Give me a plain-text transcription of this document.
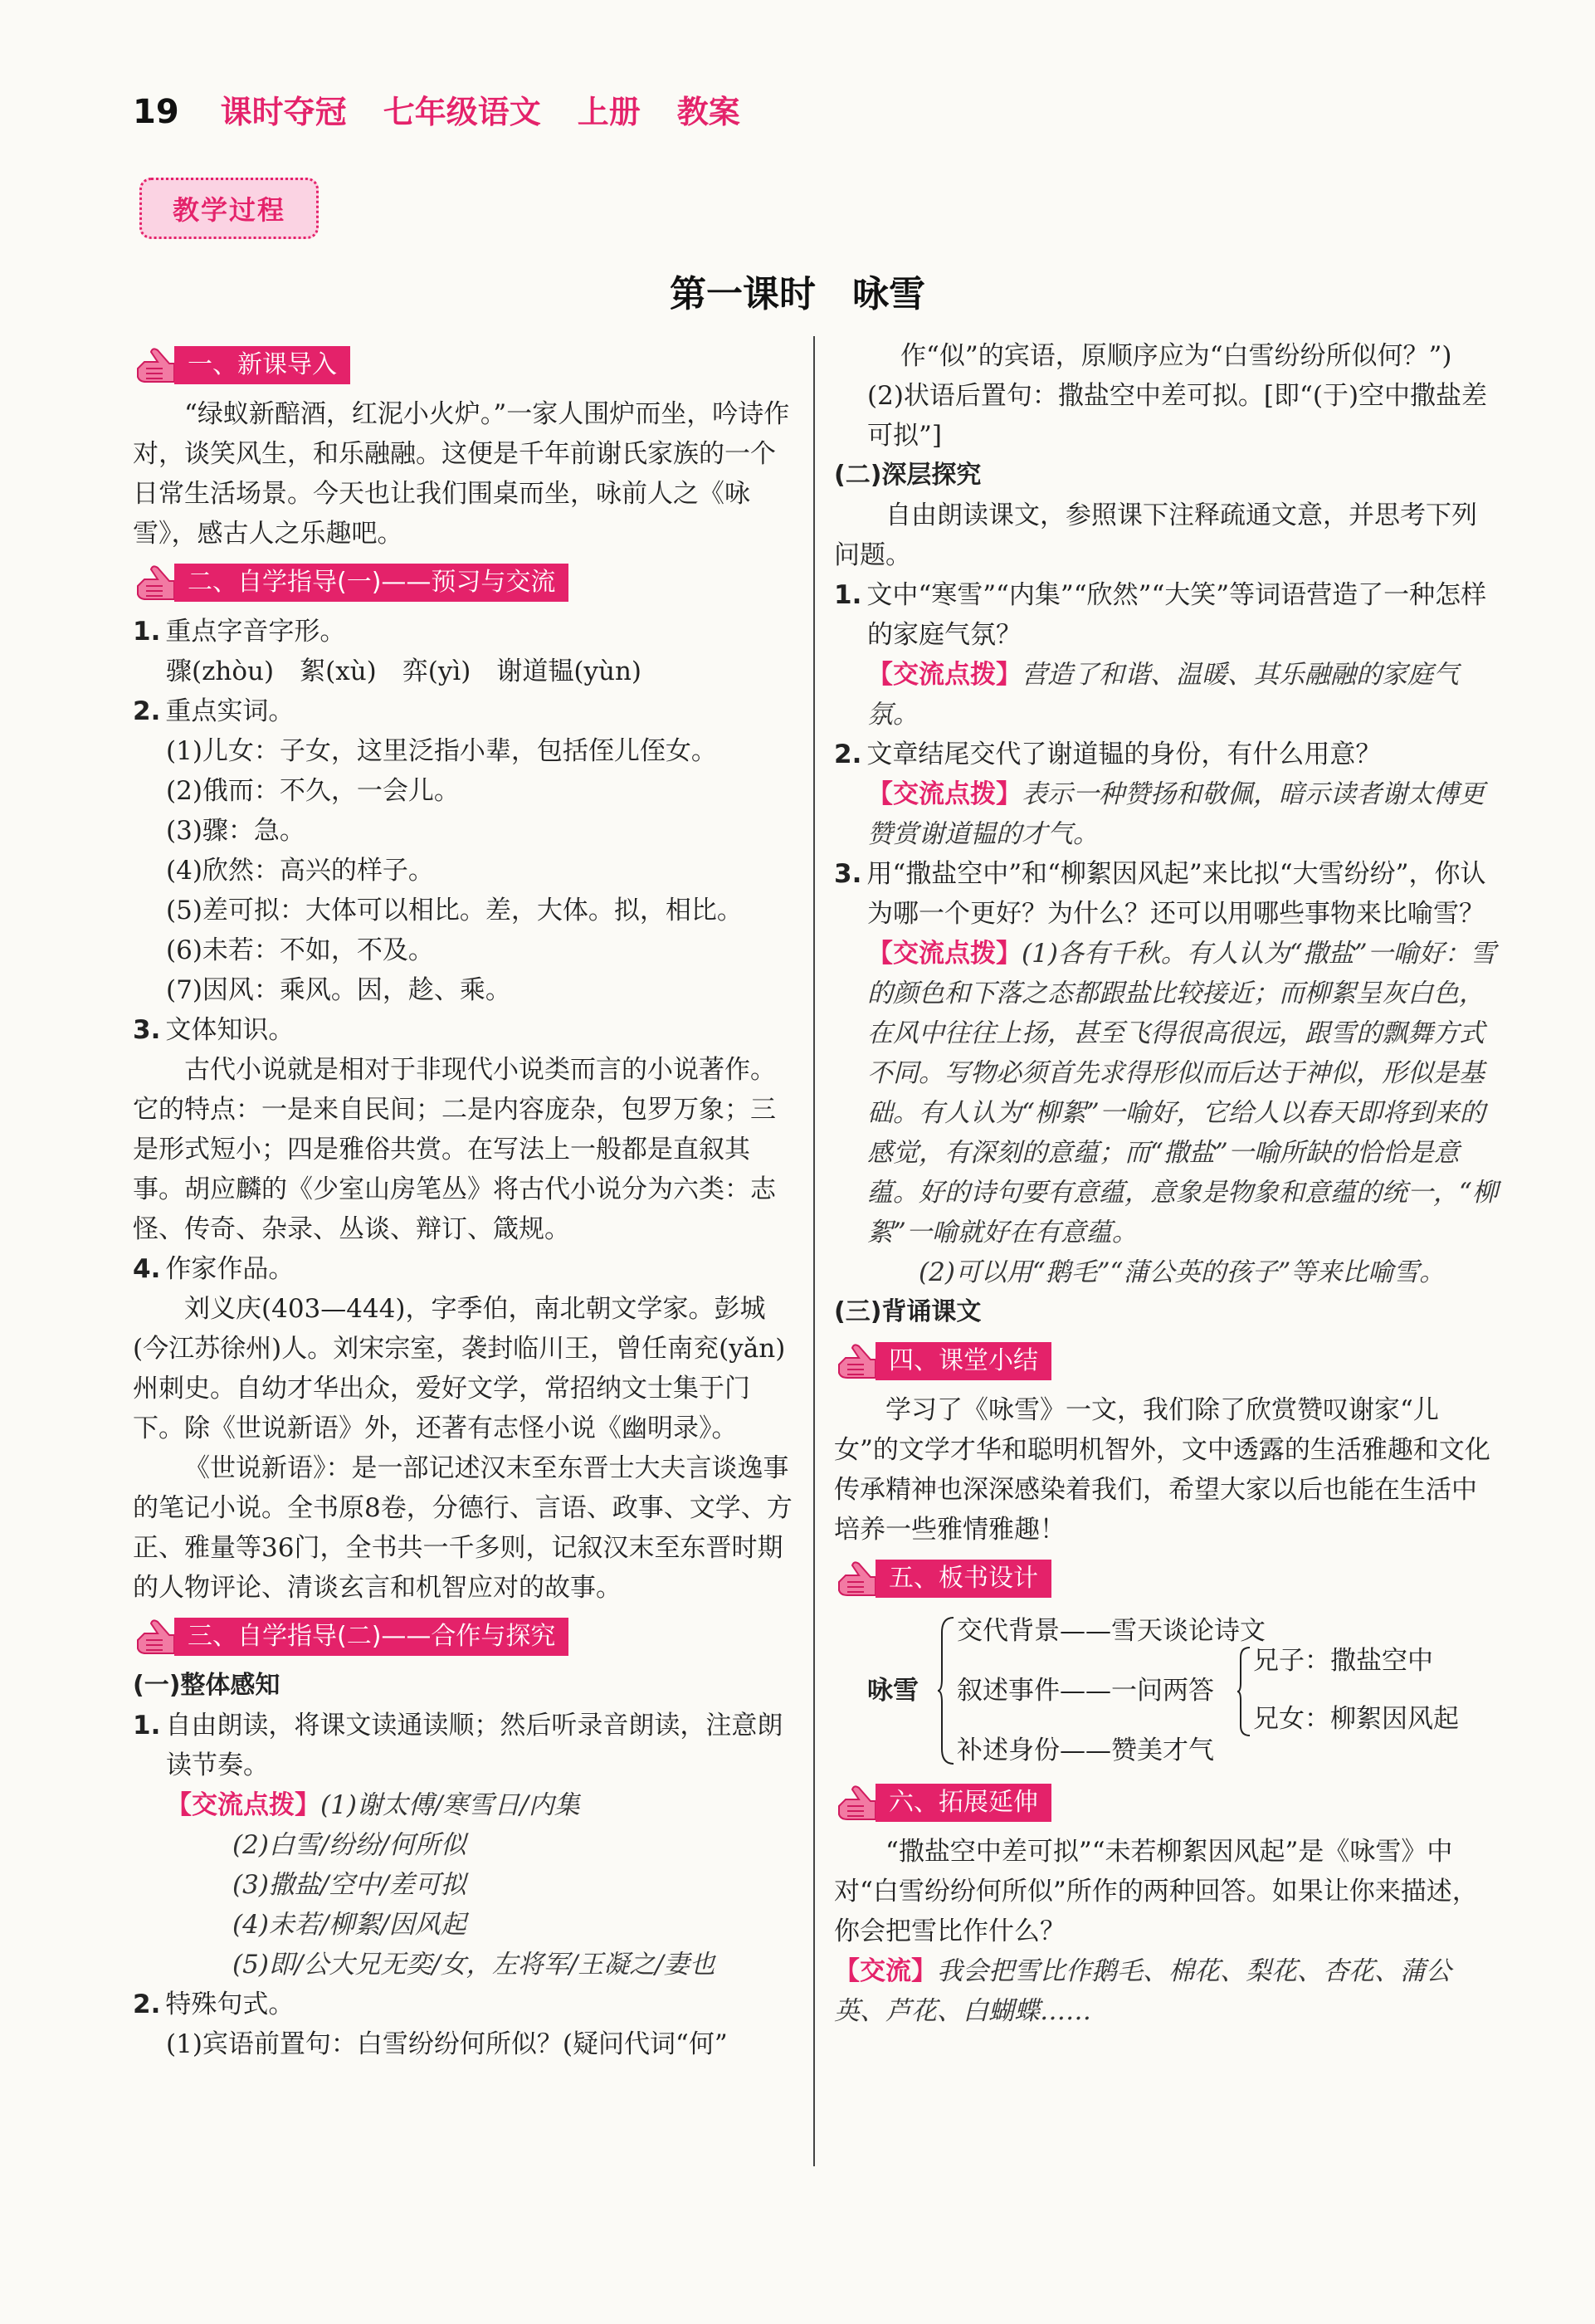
19 课时夺冠 七年级语文 上册 教案
教学过程
第一课时　咏雪
一、新课导入

“绿蚁新醅酒，红泥小火炉。”一家人围炉而坐，吟诗作对，谈笑风生，和乐融融。这便是千年前谢氏家族的一个日常生活场景。今天也让我们围桌而坐，咏前人之《咏雪》，感古人之乐趣吧。

二、自学指导(一)——预习与交流

1. 重点字音字形。

骤(zhòu)　絮(xù)　弈(yì)　谢道韫(yùn)

2. 重点实词。

(1)儿女：子女，这里泛指小辈，包括侄儿侄女。

(2)俄而：不久，一会儿。

(3)骤：急。

(4)欣然：高兴的样子。

(5)差可拟：大体可以相比。差，大体。拟，相比。

(6)未若：不如，不及。

(7)因风：乘风。因，趁、乘。

3. 文体知识。

古代小说就是相对于非现代小说类而言的小说著作。它的特点：一是来自民间；二是内容庞杂，包罗万象；三是形式短小；四是雅俗共赏。在写法上一般都是直叙其事。胡应麟的《少室山房笔丛》将古代小说分为六类：志怪、传奇、杂录、丛谈、辩订、箴规。

4. 作家作品。

刘义庆(403—444)，字季伯，南北朝文学家。彭城(今江苏徐州)人。刘宋宗室，袭封临川王，曾任南兖(yǎn)州刺史。自幼才华出众，爱好文学，常招纳文士集于门下。除《世说新语》外，还著有志怪小说《幽明录》。

《世说新语》：是一部记述汉末至东晋士大夫言谈逸事的笔记小说。全书原8卷，分德行、言语、政事、文学、方正、雅量等36门，全书共一千多则，记叙汉末至东晋时期的人物评论、清谈玄言和机智应对的故事。

三、自学指导(二)——合作与探究

(一)整体感知

1. 自由朗读，将课文读通读顺；然后听录音朗读，注意朗读节奏。

【交流点拨】(1)谢太傅/寒雪日/内集

(2)白雪/纷纷/何所似

(3)撒盐/空中/差可拟

(4)未若/柳絮/因风起

(5)即/公大兄无奕/女，左将军/王凝之/妻也

2. 特殊句式。

(1)宾语前置句：白雪纷纷何所似？(疑问代词“何”

作“似”的宾语，原顺序应为“白雪纷纷所似何？”)

(2)状语后置句：撒盐空中差可拟。[即“(于)空中撒盐差可拟”]

(二)深层探究

自由朗读课文，参照课下注释疏通文意，并思考下列问题。

1. 文中“寒雪”“内集”“欣然”“大笑”等词语营造了一种怎样的家庭气氛？

【交流点拨】营造了和谐、温暖、其乐融融的家庭气氛。

2. 文章结尾交代了谢道韫的身份，有什么用意？

【交流点拨】表示一种赞扬和敬佩，暗示读者谢太傅更赞赏谢道韫的才气。

3. 用“撒盐空中”和“柳絮因风起”来比拟“大雪纷纷”，你认为哪一个更好？为什么？还可以用哪些事物来比喻雪？

【交流点拨】(1)各有千秋。有人认为“撒盐”一喻好：雪的颜色和下落之态都跟盐比较接近；而柳絮呈灰白色，在风中往往上扬，甚至飞得很高很远，跟雪的飘舞方式不同。写物必须首先求得形似而后达于神似，形似是基础。有人认为“柳絮”一喻好，它给人以春天即将到来的感觉，有深刻的意蕴；而“撒盐”一喻所缺的恰恰是意蕴。好的诗句要有意蕴，意象是物象和意蕴的统一，“柳絮”一喻就好在有意蕴。

(2)可以用“鹅毛”“蒲公英的孩子”等来比喻雪。

(三)背诵课文

四、课堂小结

学习了《咏雪》一文，我们除了欣赏赞叹谢家“儿女”的文学才华和聪明机智外，文中透露的生活雅趣和文化传承精神也深深感染着我们，希望大家以后也能在生活中培养一些雅情雅趣！

五、板书设计
咏雪
交代背景——雪天谈论诗文
叙述事件——一问两答
补述身份——赞美才气
兄子：撒盐空中
兄女：柳絮因风起
六、拓展延伸

“撒盐空中差可拟”“未若柳絮因风起”是《咏雪》中对“白雪纷纷何所似”所作的两种回答。如果让你来描述，你会把雪比作什么？

【交流】我会把雪比作鹅毛、棉花、梨花、杏花、蒲公英、芦花、白蝴蝶……
